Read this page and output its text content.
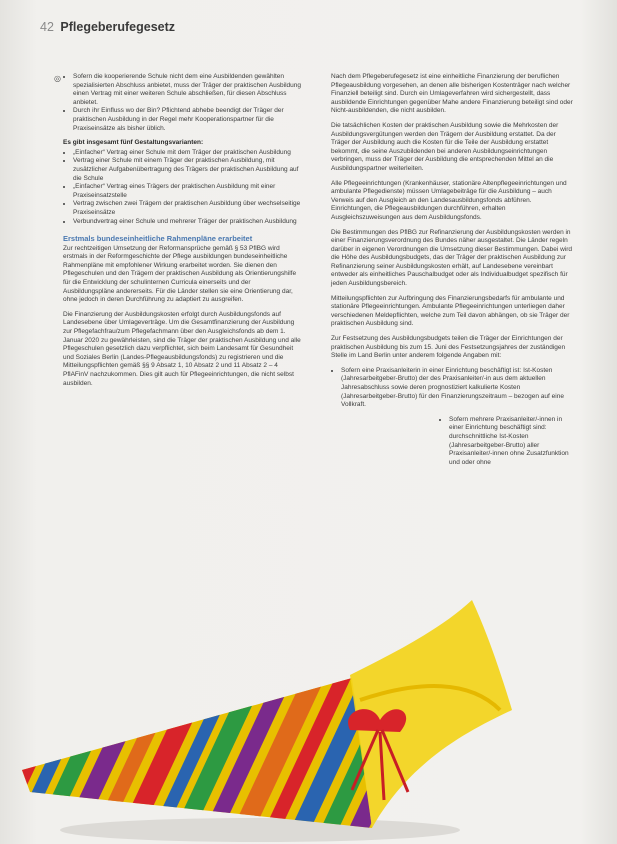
42 Pflegeberufegesetz
◎
• Sofern die kooperierende Schule nicht dem eine Ausbildenden gewählten spezialisierten Abschluss anbietet, muss der Träger der praktischen Ausbildung einen Vertrag mit einer weiteren Schule abschließen, für diesen Abschluss anbietet.
• Durch ihr Einfluss wo der Bin? Pflichtend abhebe beendigt der Träger der praktischen Ausbildung in der Regel mehr Kooperationspartner für die Praxiseinsätze als bisher üblich.
Es gibt insgesamt fünf Gestaltungsvarianten:
• „Einfacher“ Vertrag einer Schule mit dem Träger der praktischen Ausbildung
• Vertrag einer Schule mit einem Träger der praktischen Ausbildung, mit zusätzlicher Aufgabenübertragung des Trägers der praktischen Ausbildung auf die Schule
• „Einfacher“ Vertrag eines Trägers der praktischen Ausbildung mit einer Praxiseinsatzstelle
• Vertrag zwischen zwei Trägern der praktischen Ausbildung über wechselseitige Praxiseinsätze
• Verbundvertrag einer Schule und mehrerer Träger der praktischen Ausbildung
Erstmals bundeseinheitliche Rahmenpläne erarbeitet

Zur rechtzeitigen Umsetzung der Reformansprüche gemäß § 53 PflBG wird erstmals in der Reformgeschichte der Pflege ausbildungen bundeseinheitliche Rahmenpläne mit empfohlener Wirkung erarbeitet worden. Sie dienen den Pflegeschulen und den Trägern der praktischen Ausbildung als Orientierungshilfe für die Entwicklung der schulinternen Curricula einerseits und der Ausbildungspläne andererseits. Für die Länder stellen sie eine Orientierung dar, ohne jedoch in deren Durchführung zu adaptiert zu ausgreifen.

Die Finanzierung der Ausbildungskosten erfolgt durch Ausbildungsfonds auf Landesebene über Umlageverträge. Um die Gesamtfinanzierung der Ausbildung zur Pflegefachfrau/zum Pflegefachmann über den Ausgleichsfonds ab dem 1. Januar 2020 zu gewährleisten, sind die Träger der praktischen Ausbildung und alle Pflegeschulen gesetzlich dazu verpflichtet, sich beim Landesamt für Gesundheit und Soziales Berlin (Landes-Pflegeausbildungsfonds) zu registrieren und die Mitteilungspflichten gemäß §§ 9 Absatz 1, 10 Absatz 2 und 11 Absatz 2 – 4 PflAFinV nachzukommen. Dies gilt auch für Pflegeeinrichtungen, die nicht selbst ausbilden.

Nach dem Pflegeberufegesetz ist eine einheitliche Finanzierung der beruflichen Pflegeausbildung vorgesehen, an denen alle bisherigen Kostenträger nach welcher Finanziell beteiligt sind. Durch ein Umlageverfahren wird sichergestellt, dass ausbildende Einrichtungen gegenüber Mahe andere Finanzierung beteiligt sind oder Nicht-ausbildenden, die nicht ausbilden.

Die tatsächlichen Kosten der praktischen Ausbildung sowie die Mehrkosten der Ausbildungsvergütungen werden den Trägern der Ausbildung erstattet. Da der Träger der Ausbildung auch die Kosten für die Teile der Ausbildung erstattet bekommt, die seine Auszubildenden bei anderen Ausbildungseinrichtungen verbringen, muss der Träger der Ausbildung die entsprechenden Mittel an die Ausbildungspartner weiterleiten.

Alle Pflegeeinrichtungen (Krankenhäuser, stationäre Altenpflegeeinrichtungen und ambulante Pflegedienste) müssen Umlagebeiträge für die Ausbildung – auch Verweis auf den Ausgleich an den Landesausbildungsfonds abführen. Einrichtungen, die Pflegeausbildungen durchführen, erhalten Ausgleichszuweisungen aus dem Ausbildungsfonds.

Die Bestimmungen des PflBG zur Refinanzierung der Ausbildungskosten werden in einer Finanzierungsverordnung des Bundes näher ausgestaltet. Die Länder regeln darüber in eigenen Verordnungen die Umsetzung dieser Bestimmungen. Dabei wird die Höhe des Ausbildungsbudgets, das der Träger der praktischen Ausbildung zur Refinanzierung seiner Ausbildungskosten erhält, auf Landesebene vereinbart entweder als einheitliches Pauschalbudget oder als Individualbudget spezifisch für jeden Ausbildungsbereich.

Mitteilungspflichten zur Aufbringung des Finanzierungsbedarfs für ambulante und stationäre Pflegeeinrichtungen. Ambulante Pflegeeinrichtungen unterliegen daher verschiedenen Meldepflichten, welche zum Teil davon abhängen, ob sie Träger der praktischen Ausbildung sind.

Zur Festsetzung des Ausbildungsbudgets teilen die Träger der Einrichtungen der praktischen Ausbildung bis zum 15. Juni des Festsetzungsjahres der zuständigen Stelle im Land Berlin unter anderem folgende Angaben mit:

• Sofern eine Praxisanleiterin in einer Einrichtung beschäftigt ist: Ist-Kosten (Jahresarbeitgeber-Brutto) der des Praxisanleiter/-in aus dem aktuellen Jahresabschluss sowie deren prognostiziert kalkulierte Kosten (Jahresarbeitgeber-Brutto) für den Finanzierungszeitraum – bezogen auf eine Vollkraft.
• Sofern mehrere Praxisanleiter/-innen in einer Einrichtung beschäftigt sind: durchschnittliche Ist-Kosten (Jahresarbeitgeber-Brutto) aller Praxisanleiter/-innen ohne Zusatzfunktion und oder ohne
